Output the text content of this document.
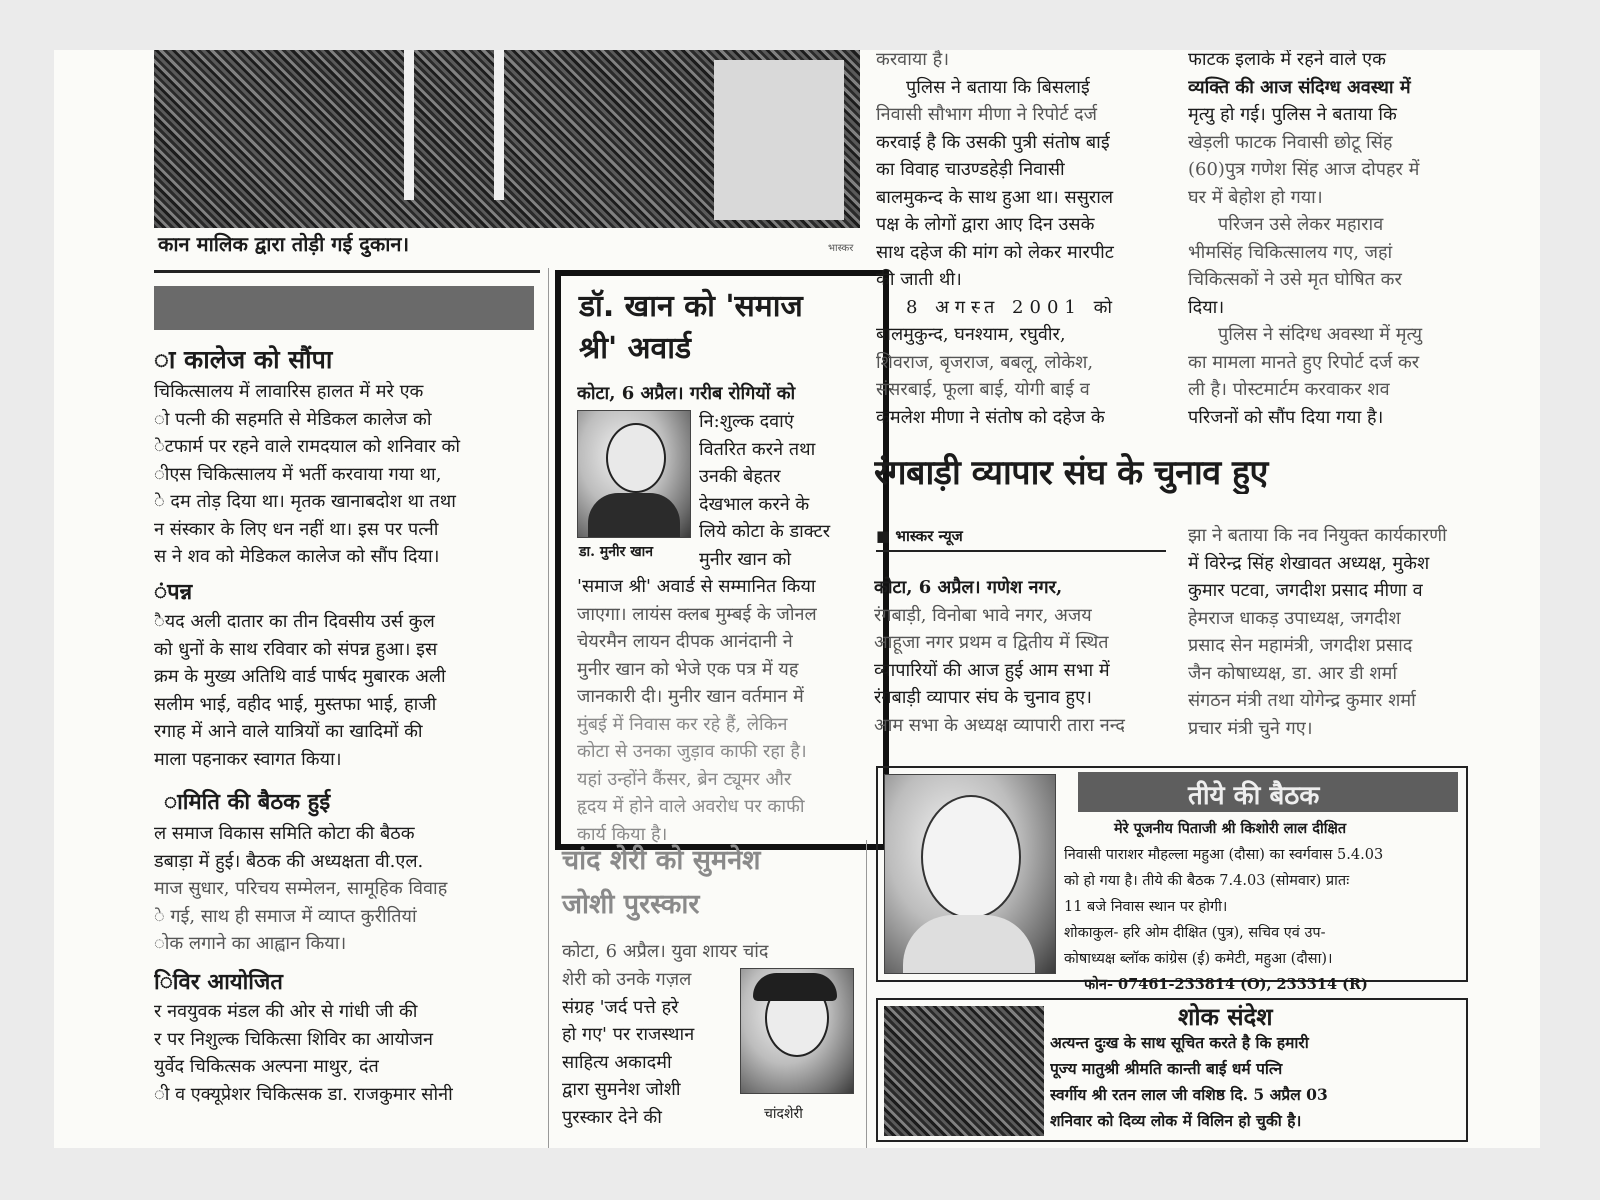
कान मालिक द्वारा तोड़ी गई दुकान।	भास्कर
ा कालेज को सौंपा
चिकित्सालय में लावारिस हालत में मरे एक
ो पत्नी की सहमति से मेडिकल कालेज को
ेटफार्म पर रहने वाले रामदयाल को शनिवार को
ीएस चिकित्सालय में भर्ती करवाया गया था,
े दम तोड़ दिया था। मृतक खानाबदोश था तथा
न संस्कार के लिए धन नहीं था। इस पर पत्नी
स ने शव को मेडिकल कालेज को सौंप दिया।
ंपन्न
ैयद अली दातार का तीन दिवसीय उर्स कुल
को धुनों के साथ रविवार को संपन्न हुआ। इस
क्रम के मुख्य अतिथि वार्ड पार्षद मुबारक अली
सलीम भाई, वहीद भाई, मुस्तफा भाई, हाजी
रगाह में आने वाले यात्रियों का खादिमों की
माला पहनाकर स्वागत किया।
ामिति की बैठक हुई
ल समाज विकास समिति कोटा की बैठक
डबाड़ा में हुई। बैठक की अध्यक्षता वी.एल.
माज सुधार, परिचय सम्मेलन, सामूहिक विवाह
े गई, साथ ही समाज में व्याप्त कुरीतियां
ोक लगाने का आह्वान किया।
िविर आयोजित
र नवयुवक मंडल की ओर से गांधी जी की
र पर निशुल्क चिकित्सा शिविर का आयोजन
युर्वेद चिकित्सक अल्पना माथुर, दंत
ी व एक्यूप्रेशर चिकित्सक डा. राजकुमार सोनी
डॉ. खान को 'समाज
श्री' अवार्ड
कोटा, 6 अप्रैल। गरीब रोगियों को
डा. मुनीर खान
नि:शुल्क दवाएं
वितरित करने तथा
उनकी बेहतर
देखभाल करने के
लिये कोटा के डाक्टर
मुनीर खान को
'समाज श्री' अवार्ड से सम्मानित किया
जाएगा। लायंस क्लब मुम्बई के जोनल
चेयरमैन लायन दीपक आनंदानी ने
मुनीर खान को भेजे एक पत्र में यह
जानकारी दी। मुनीर खान वर्तमान में
मुंबई में निवास कर रहे हैं, लेकिन
कोटा से उनका जुड़ाव काफी रहा है।
यहां उन्होंने कैंसर, ब्रेन ट्यूमर और
हृदय में होने वाले अवरोध पर काफी
कार्य किया है।
चांद शेरी को सुमनेश
जोशी पुरस्कार
कोटा, 6 अप्रैल। युवा शायर चांद
शेरी को उनके गज़ल
संग्रह 'जर्द पत्ते हरे
हो गए' पर राजस्थान
साहित्य अकादमी
द्वारा सुमनेश जोशी
पुरस्कार देने की	चांदशेरी
करवाया है।
पुलिस ने बताया कि बिसलाई
निवासी सौभाग मीणा ने रिपोर्ट दर्ज
करवाई है कि उसकी पुत्री संतोष बाई
का विवाह चाउण्डहेड़ी निवासी
बालमुकन्द के साथ हुआ था। ससुराल
पक्ष के लोगों द्वारा आए दिन उसके
साथ दहेज की मांग को लेकर मारपीट
की जाती थी।
8 अगस्त 2001 को
बालमुकुन्द, घनश्याम, रघुवीर,
शिवराज, बृजराज, बबलू, लोकेश,
संसरबाई, फूला बाई, योगी बाई व
कमलेश मीणा ने संतोष को दहेज के
फाटक इलाके में रहने वाले एक
व्यक्ति की आज संदिग्ध अवस्था में
मृत्यु हो गई। पुलिस ने बताया कि
खेड़ली फाटक निवासी छोटू सिंह
(60)पुत्र गणेश सिंह आज दोपहर में
घर में बेहोश हो गया।
परिजन उसे लेकर महाराव
भीमसिंह चिकित्सालय गए, जहां
चिकित्सकों ने उसे मृत घोषित कर
दिया।
पुलिस ने संदिग्ध अवस्था में मृत्यु
का मामला मानते हुए रिपोर्ट दर्ज कर
ली है। पोस्टमार्टम करवाकर शव
परिजनों को सौंप दिया गया है।
रंगबाड़ी व्यापार संघ के चुनाव हुए
■ भास्कर न्यूज
कोटा, 6 अप्रैल। गणेश नगर,
रंगबाड़ी, विनोबा भावे नगर, अजय
आहूजा नगर प्रथम व द्वितीय में स्थित
व्यापारियों की आज हुई आम सभा में
रंगबाड़ी व्यापार संघ के चुनाव हुए।
आम सभा के अध्यक्ष व्यापारी तारा नन्द
झा ने बताया कि नव नियुक्त कार्यकारणी
में विरेन्द्र सिंह शेखावत अध्यक्ष, मुकेश
कुमार पटवा, जगदीश प्रसाद मीणा व
हेमराज धाकड़ उपाध्यक्ष, जगदीश
प्रसाद सेन महामंत्री, जगदीश प्रसाद
जैन कोषाध्यक्ष, डा. आर डी शर्मा
संगठन मंत्री तथा योगेन्द्र कुमार शर्मा
प्रचार मंत्री चुने गए।
तीये की बैठक
मेरे पूजनीय पिताजी श्री किशोरी लाल दीक्षित
निवासी पाराशर मौहल्ला महुआ (दौसा) का स्वर्गवास 5.4.03
को हो गया है। तीये की बैठक 7.4.03 (सोमवार) प्रातः
11 बजे निवास स्थान पर होगी।
शोकाकुल- हरि ओम दीक्षित (पुत्र), सचिव एवं उप-
कोषाध्यक्ष ब्लॉक कांग्रेस (ई) कमेटी, महुआ (दौसा)।
फोन- 07461-233814 (O), 233314 (R)
शोक संदेश
अत्यन्त दुःख के साथ सूचित करते है कि हमारी
पूज्य मातुश्री श्रीमति कान्ती बाई धर्म पत्नि
स्वर्गीय श्री रतन लाल जी वशिष्ठ दि. 5 अप्रैल 03
शनिवार को दिव्य लोक में विलिन हो चुकी है।
